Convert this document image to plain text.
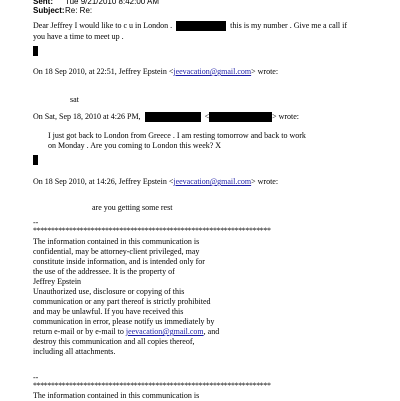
Sent: Tue 9/21/2010 8:42:00 AM
Subject: Re: Re:
Dear Jeffrey I would like to c u in London .	this is my number . Give me a call if
you have a time to meet up .
On 18 Sep 2010, at 22:51, Jeffrey Epstein <jeevacation@gmail.com> wrote:
sat
On Sat, Sep 18, 2010 at 4:26 PM,	<	> wrote:
I just got back to London from Greece . I am resting tomorrow and back to work
on Monday . Are you coming to London this week? X
On 18 Sep 2010, at 14:26, Jeffrey Epstein <jeevacation@gmail.com> wrote:
are you getting some rest
--
******************************************************************
The information contained in this communication is
confidential, may be attorney-client privileged, may
constitute inside information, and is intended only for
the use of the addressee. It is the property of
Jeffrey Epstein
Unauthorized use, disclosure or copying of this
communication or any part thereof is strictly prohibited
and may be unlawful. If you have received this
communication in error, please notify us immediately by
return e-mail or by e-mail to jeevacation@gmail.com, and
destroy this communication and all copies thereof,
including all attachments.
--
******************************************************************
The information contained in this communication is
